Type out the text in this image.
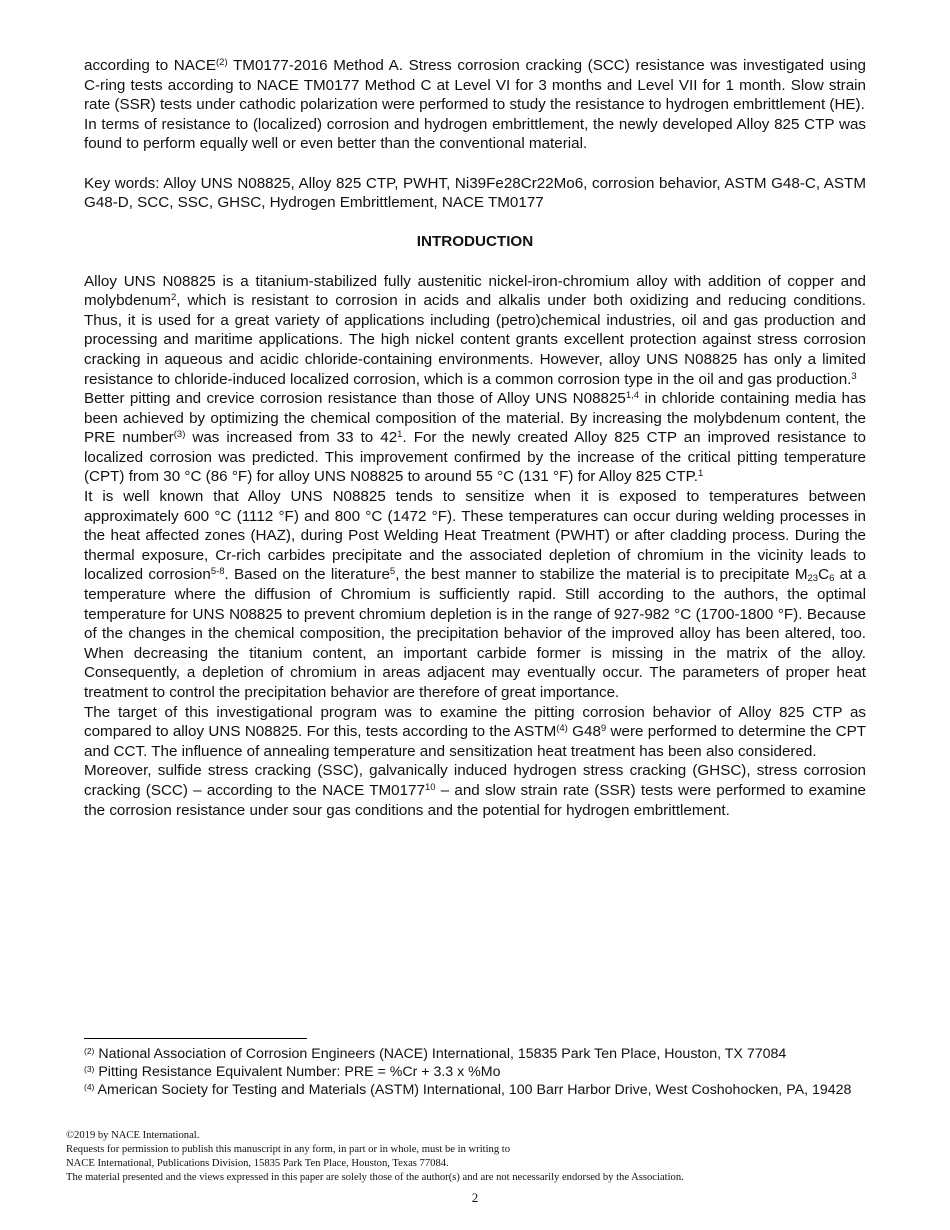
according to NACE$^{(2)}$ TM0177-2016 Method A. Stress corrosion cracking (SCC) resistance was investigated using C-ring tests according to NACE TM0177 Method C at Level VI for 3 months and Level VII for 1 month. Slow strain rate (SSR) tests under cathodic polarization were performed to study the resistance to hydrogen embrittlement (HE).

In terms of resistance to (localized) corrosion and hydrogen embrittlement, the newly developed Alloy 825 CTP was found to perform equally well or even better than the conventional material.

Key words: Alloy UNS N08825, Alloy 825 CTP, PWHT, Ni39Fe28Cr22Mo6, corrosion behavior, ASTM G48-C, ASTM G48-D, SCC, SSC, GHSC, Hydrogen Embrittlement, NACE TM0177

INTRODUCTION

Alloy UNS N08825 is a titanium-stabilized fully austenitic nickel-iron-chromium alloy with addition of copper and molybdenum$^2$, which is resistant to corrosion in acids and alkalis under both oxidizing and reducing conditions. Thus, it is used for a great variety of applications including (petro)chemical industries, oil and gas production and processing and maritime applications. The high nickel content grants excellent protection against stress corrosion cracking in aqueous and acidic chloride-containing environments. However, alloy UNS N08825 has only a limited resistance to chloride-induced localized corrosion, which is a common corrosion type in the oil and gas production.$^3$

Better pitting and crevice corrosion resistance than those of Alloy UNS N08825$^{1,4}$ in chloride containing media has been achieved by optimizing the chemical composition of the material. By increasing the molybdenum content, the PRE number$^{(3)}$ was increased from 33 to $42^1$. For the newly created Alloy 825 CTP an improved resistance to localized corrosion was predicted. This improvement confirmed by the increase of the critical pitting temperature (CPT) from 30 °C (86 °F) for alloy UNS N08825 to around 55 °C (131 °F) for Alloy 825 CTP.$^1$

It is well known that Alloy UNS N08825 tends to sensitize when it is exposed to temperatures between approximately 600 °C (1112 °F) and 800 °C (1472 °F). These temperatures can occur during welding processes in the heat affected zones (HAZ), during Post Welding Heat Treatment (PWHT) or after cladding process. During the thermal exposure, Cr-rich carbides precipitate and the associated depletion of chromium in the vicinity leads to localized corrosion$^{5-8}$. Based on the literature$^5$, the best manner to stabilize the material is to precipitate $M_{23}C_6$ at a temperature where the diffusion of Chromium is sufficiently rapid. Still according to the authors, the optimal temperature for UNS N08825 to prevent chromium depletion is in the range of 927-982 °C (1700-1800 °F). Because of the changes in the chemical composition, the precipitation behavior of the improved alloy has been altered, too. When decreasing the titanium content, an important carbide former is missing in the matrix of the alloy. Consequently, a depletion of chromium in areas adjacent may eventually occur. The parameters of proper heat treatment to control the precipitation behavior are therefore of great importance.

The target of this investigational program was to examine the pitting corrosion behavior of Alloy 825 CTP as compared to alloy UNS N08825. For this, tests according to the ASTM$^{(4)}$ $G48^9$ were performed to determine the CPT and CCT. The influence of annealing temperature and sensitization heat treatment has been also considered.

Moreover, sulfide stress cracking (SSC), galvanically induced hydrogen stress cracking (GHSC), stress corrosion cracking (SCC) – according to the NACE TM0177$^{10}$ – and slow strain rate (SSR) tests were performed to examine the corrosion resistance under sour gas conditions and the potential for hydrogen embrittlement.

$^{(2)}$ National Association of Corrosion Engineers (NACE) International, 15835 Park Ten Place, Houston, TX 77084

$^{(3)}$ Pitting Resistance Equivalent Number: PRE = %Cr + 3.3 x %Mo

$^{(4)}$ American Society for Testing and Materials (ASTM) International, 100 Barr Harbor Drive, West Coshohocken, PA, 19428

©2019 by NACE International.

Requests for permission to publish this manuscript in any form, in part or in whole, must be in writing to

NACE International, Publications Division, 15835 Park Ten Place, Houston, Texas 77084.

The material presented and the views expressed in this paper are solely those of the author(s) and are not necessarily endorsed by the Association.

2
